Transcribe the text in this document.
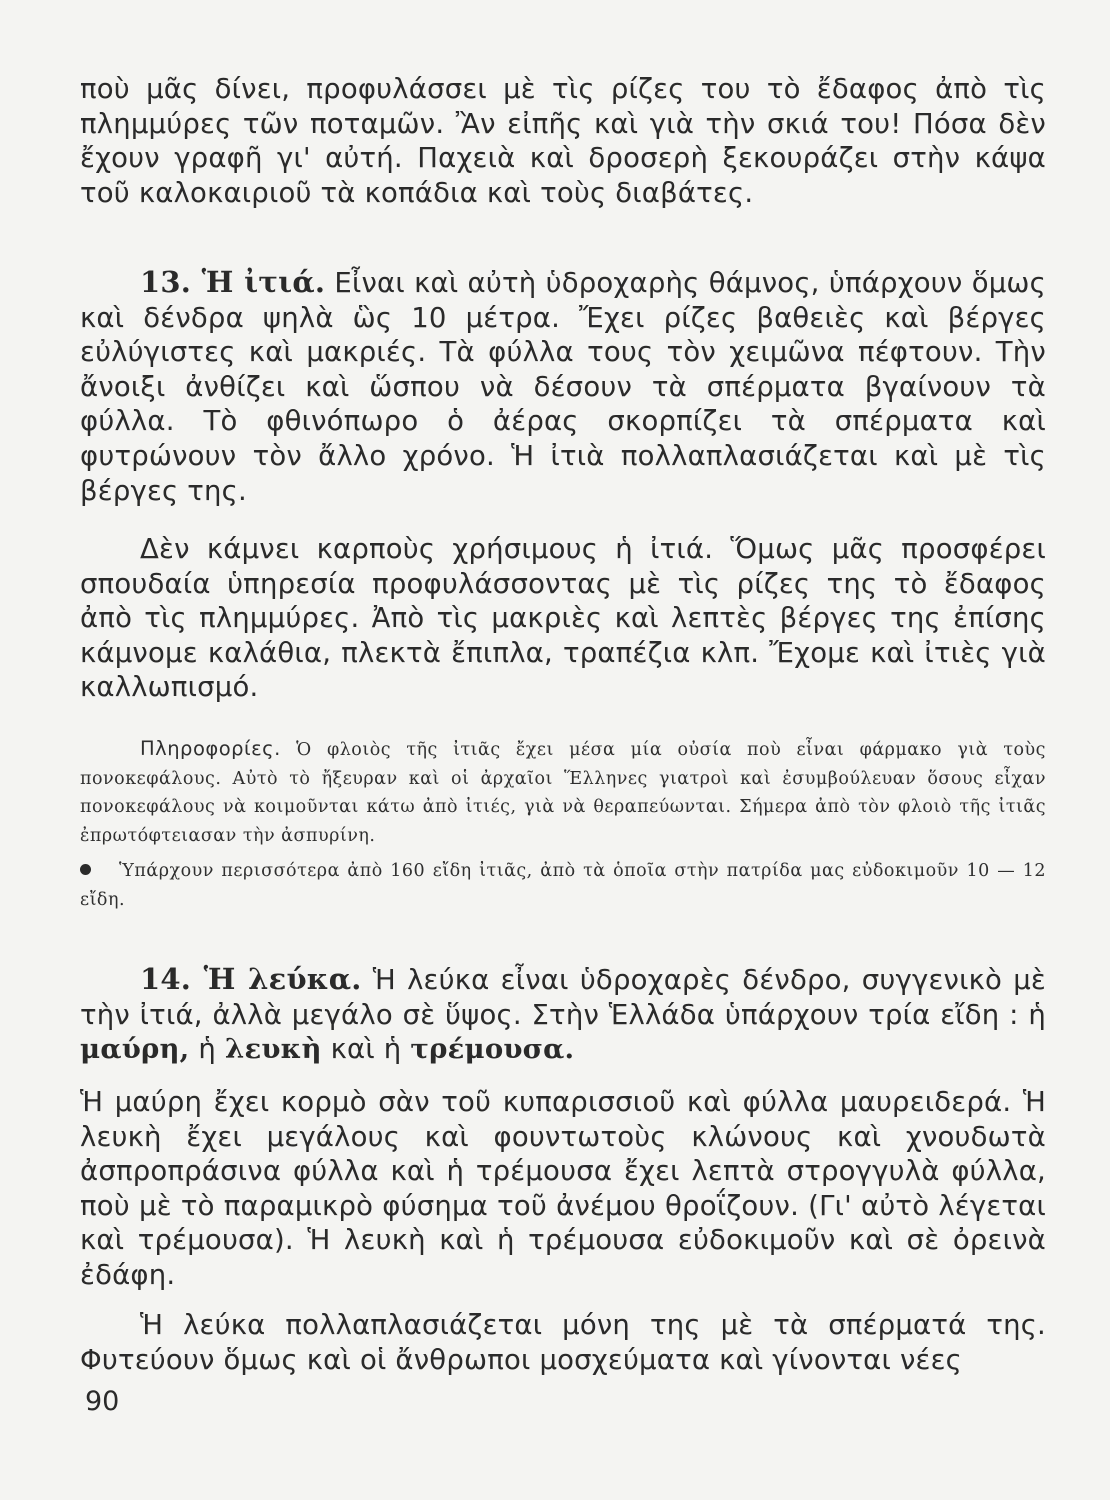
ποὺ μᾶς δίνει, προφυλάσσει μὲ τὶς ρίζες του τὸ ἔδαφος ἀπὸ τὶς πλημμύρες τῶν ποταμῶν. Ἂν εἰπῆς καὶ γιὰ τὴν σκιά του! Πόσα δὲν ἔχουν γραφῆ γι' αὐτή. Παχειὰ καὶ δροσερὴ ξεκουράζει στὴν κάψα τοῦ καλοκαιριοῦ τὰ κοπάδια καὶ τοὺς διαβάτες.

13. Ἡ ἰτιά. Εἶναι καὶ αὐτὴ ὑδροχαρὴς θάμνος, ὑπάρχουν ὅμως καὶ δένδρα ψηλὰ ὣς 10 μέτρα. Ἔχει ρίζες βαθειὲς καὶ βέργες εὐλύγιστες καὶ μακριές. Τὰ φύλλα τους τὸν χειμῶνα πέφτουν. Τὴν ἄνοιξι ἀνθίζει καὶ ὥσπου νὰ δέσουν τὰ σπέρματα βγαίνουν τὰ φύλλα. Τὸ φθινόπωρο ὁ ἀέρας σκορπίζει τὰ σπέρματα καὶ φυτρώνουν τὸν ἄλλο χρόνο. Ἡ ἰτιὰ πολλαπλασιάζεται καὶ μὲ τὶς βέργες της.

Δὲν κάμνει καρποὺς χρήσιμους ἡ ἰτιά. Ὅμως μᾶς προσφέρει σπουδαία ὑπηρεσία προφυλάσσοντας μὲ τὶς ρίζες της τὸ ἔδαφος ἀπὸ τὶς πλημμύρες. Ἀπὸ τὶς μακριὲς καὶ λεπτὲς βέργες της ἐπίσης κάμνομε καλάθια, πλεκτὰ ἔπιπλα, τραπέζια κλπ. Ἔχομε καὶ ἰτιὲς γιὰ καλλωπισμό.

Πληροφορίες. Ὁ φλοιὸς τῆς ἰτιᾶς ἔχει μέσα μία οὐσία ποὺ εἶναι φάρμακο γιὰ τοὺς πονοκεφάλους. Αὐτὸ τὸ ἤξευραν καὶ οἱ ἀρχαῖοι Ἕλληνες γιατροὶ καὶ ἐσυμβούλευαν ὅσους εἶχαν πονοκεφάλους νὰ κοιμοῦνται κάτω ἀπὸ ἰτιές, γιὰ νὰ θεραπεύωνται. Σήμερα ἀπὸ τὸν φλοιὸ τῆς ἰτιᾶς ἐπρωτόφτειασαν τὴν ἀσπυρίνη.

Ὑπάρχουν περισσότερα ἀπὸ 160 εἴδη ἰτιᾶς, ἀπὸ τὰ ὁποῖα στὴν πατρίδα μας εὐδοκιμοῦν 10 — 12 εἴδη.

14. Ἡ λεύκα. Ἡ λεύκα εἶναι ὑδροχαρὲς δένδρο, συγγενικὸ μὲ τὴν ἰτιά, ἀλλὰ μεγάλο σὲ ὕψος. Στὴν Ἑλλάδα ὑπάρχουν τρία εἴδη : ἡ μαύρη, ἡ λευκὴ καὶ ἡ τρέμουσα.

Ἡ μαύρη ἔχει κορμὸ σὰν τοῦ κυπαρισσιοῦ καὶ φύλλα μαυρειδερά. Ἡ λευκὴ ἔχει μεγάλους καὶ φουντωτοὺς κλώνους καὶ χνουδωτὰ ἀσπροπράσινα φύλλα καὶ ἡ τρέμουσα ἔχει λεπτὰ στρογγυλὰ φύλλα, ποὺ μὲ τὸ παραμικρὸ φύσημα τοῦ ἀνέμου θροΐζουν. (Γι' αὐτὸ λέγεται καὶ τρέμουσα). Ἡ λευκὴ καὶ ἡ τρέμουσα εὐδοκιμοῦν καὶ σὲ ὀρεινὰ ἐδάφη.

Ἡ λεύκα πολλαπλασιάζεται μόνη της μὲ τὰ σπέρματά της. Φυτεύουν ὅμως καὶ οἱ ἄνθρωποι μοσχεύματα καὶ γίνονται νέες

90
